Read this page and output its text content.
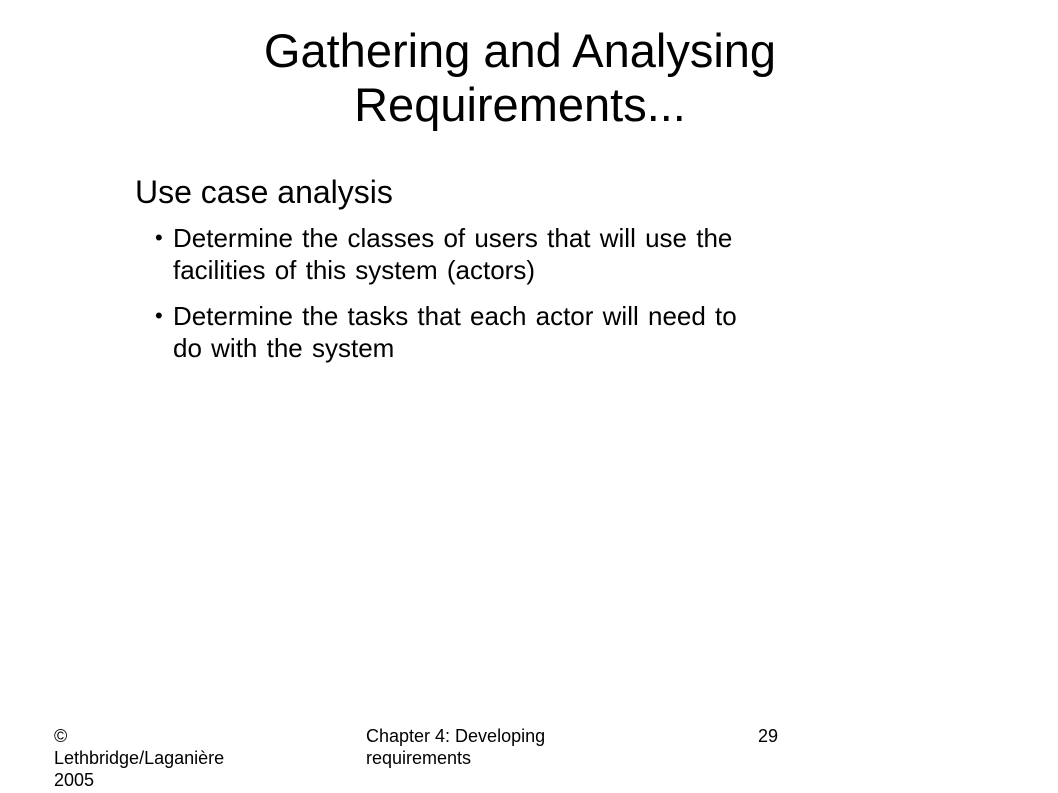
Gathering and Analysing
Requirements...
Use case analysis
• Determine the classes of users that will use the
facilities of this system (actors)
• Determine the tasks that each actor will need to
do with the system
©
Lethbridge/Laganière
2005
Chapter 4: Developing
requirements
29
